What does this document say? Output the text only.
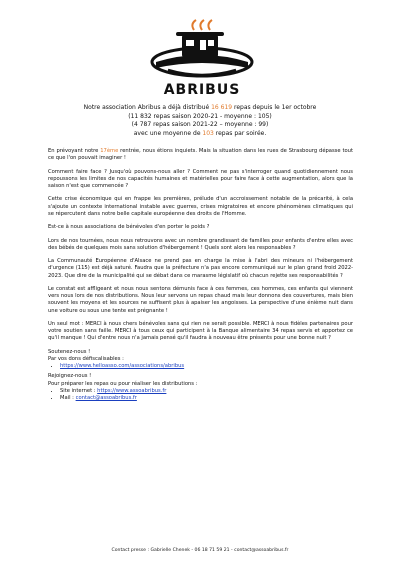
ABRIBUS

Notre association Abribus a déjà distribué 16 619 repas depuis le 1er octobre

(11 832 repas saison 2020-21 - moyenne : 105)

(4 787 repas saison 2021-22 – moyenne : 99)

avec une moyenne de 103 repas par soirée.

En prévoyant notre 17ème rentrée, nous étions inquiets. Mais la situation dans les rues de Strasbourg dépasse tout ce que l'on pouvait imaginer !

Comment faire face ? Jusqu'où pouvons-nous aller ? Comment ne pas s'interroger quand quotidiennement nous repoussons les limites de nos capacités humaines et matérielles pour faire face à cette augmentation, alors que la saison n'est que commencée ?

Cette crise économique qui en frappe les premières, prélude d'un accroissement notable de la précarité, à cela s'ajoute un contexte international instable avec guerres, crises migratoires et encore phénomènes climatiques qui se répercutent dans notre belle capitale européenne des droits de l'Homme.

Est-ce à nous associations de bénévoles d'en porter le poids ?

Lors de nos tournées, nous nous retrouvons avec un nombre grandissant de familles pour enfants d'entre elles avec des bébés de quelques mois sans solution d'hébergement ! Quels sont alors les responsables ?

La Communauté Européenne d'Alsace ne prend pas en charge la mise à l'abri des mineurs ni l'hébergement d'urgence (115) est déjà saturé. Faudra que la préfecture n'a pas encore communiqué sur le plan grand froid 2022-2023. Que dire de la municipalité qui se débat dans ce marasme législatif où chacun rejette ses responsabilités ?

Le constat est affligeant et nous nous sentons démunis face à ces femmes, ces hommes, ces enfants qui viennent vers nous lors de nos distributions. Nous leur servons un repas chaud mais leur donnons des couvertures, mais bien souvent les moyens et les sources ne suffisent plus à apaiser les angoisses. La perspective d'une énième nuit dans une voiture ou sous une tente est prégnante !

Un seul mot : MERCI à nous chers bénévoles sans qui rien ne serait possible. MERCI à nous fidèles partenaires pour votre soutien sans faille. MERCI à tous ceux qui participent à la Banque alimentaire 34 repas servis et apportez ce qu'il manque ! Qui d'entre nous n'a jamais pensé qu'il faudra à nouveau être présents pour une bonne nuit ?

Soutenez-nous !

Par vos dons défiscalisables :

• https://www.helloasso.com/associations/abribus

Rejoignez-nous !

Pour préparer les repas ou pour réaliser les distributions :

• Site internet : https://www.assoabribus.fr
• Mail : contact@assoabribus.fr
Contact presse : Gabrielle Chenek - 06 18 71 59 21 - contact@assoabribus.fr
